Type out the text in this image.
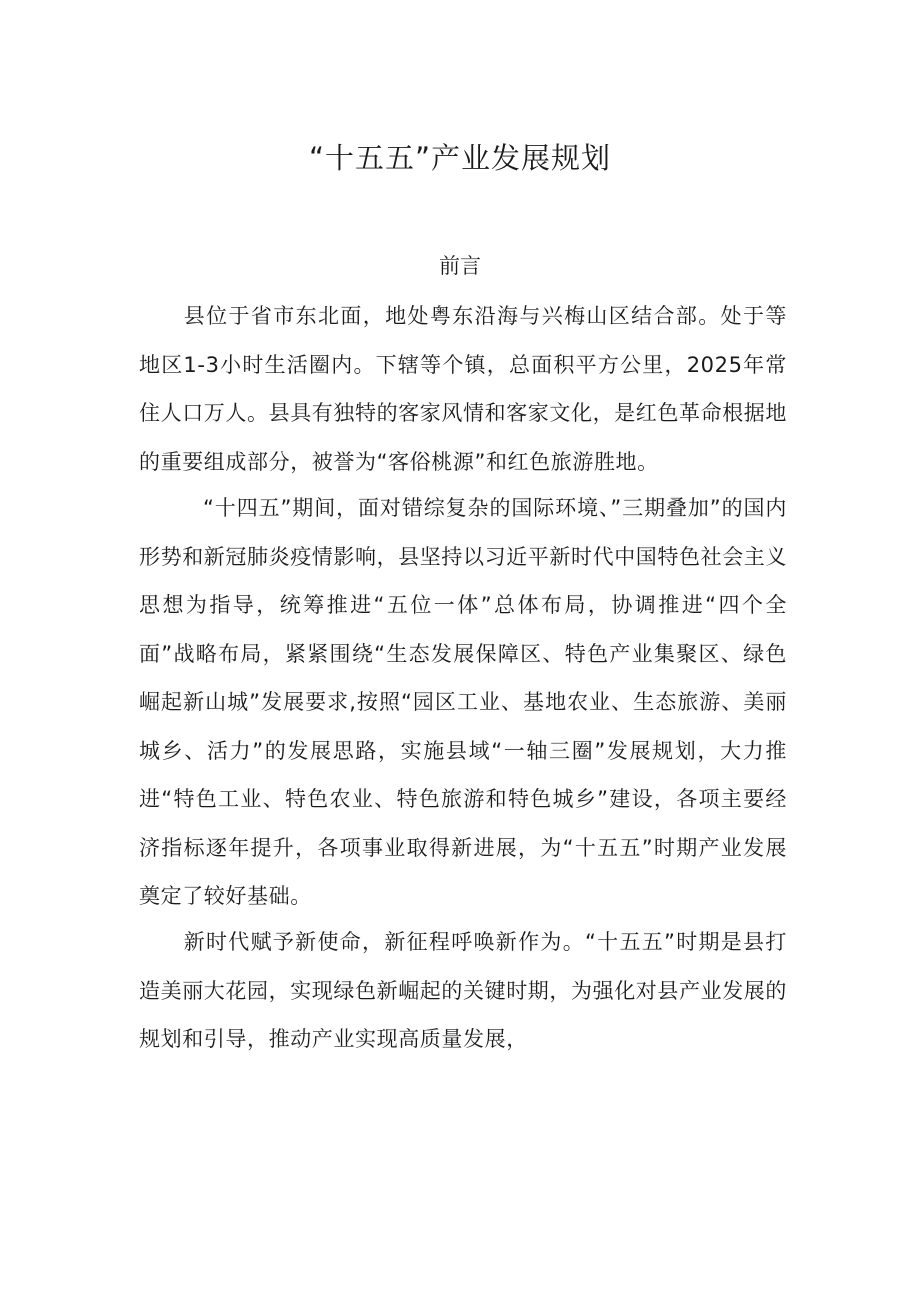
“十五五”产业发展规划
前言

县位于省市东北面，地处粤东沿海与兴梅山区结合部。处于等地区1-3小时生活圈内。下辖等个镇，总面积平方公里，2025年常住人口万人。县具有独特的客家风情和客家文化，是红色革命根据地的重要组成部分，被誉为“客俗桃源”和红色旅游胜地。

“十四五”期间，面对错综复杂的国际环境、”三期叠加”的国内形势和新冠肺炎疫情影响，县坚持以习近平新时代中国特色社会主义思想为指导，统筹推进“五位一体”总体布局，协调推进“四个全面”战略布局，紧紧围绕“生态发展保障区、特色产业集聚区、绿色崛起新山城”发展要求,按照“园区工业、基地农业、生态旅游、美丽城乡、活力”的发展思路，实施县域“一轴三圈”发展规划，大力推进“特色工业、特色农业、特色旅游和特色城乡”建设，各项主要经济指标逐年提升，各项事业取得新进展，为“十五五”时期产业发展奠定了较好基础。

新时代赋予新使命，新征程呼唤新作为。“十五五”时期是县打造美丽大花园，实现绿色新崛起的关键时期，为强化对县产业发展的规划和引导，推动产业实现高质量发展，
